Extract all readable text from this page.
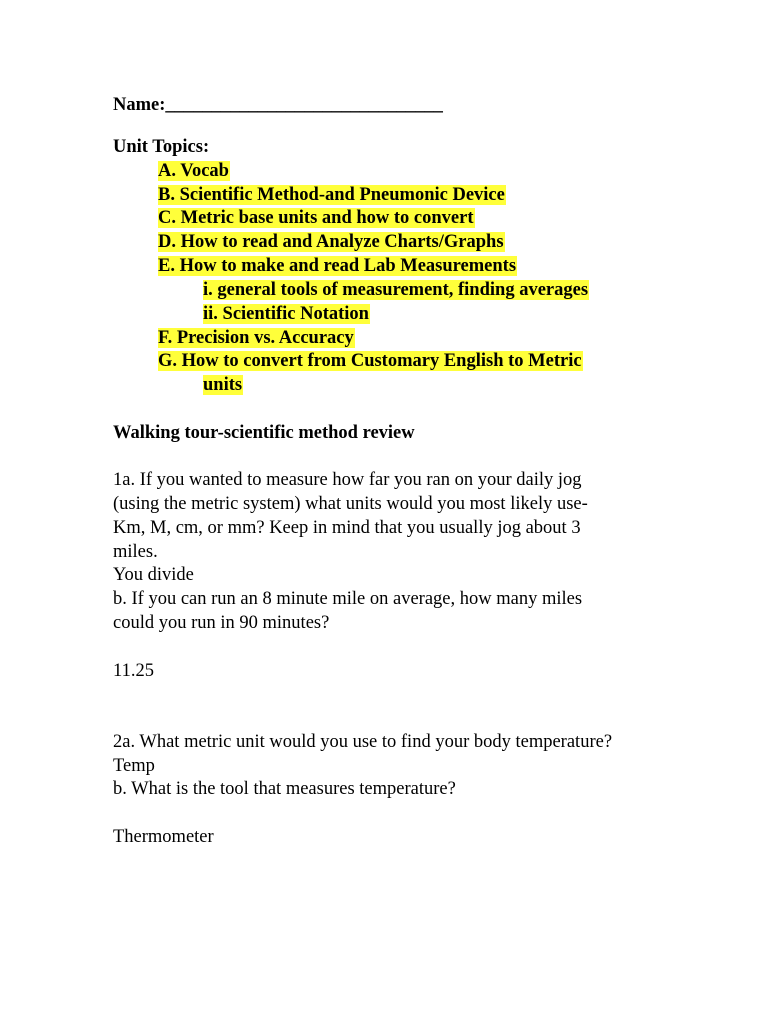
Name:______________________________
Unit Topics:
A. Vocab
B. Scientific Method-and Pneumonic Device
C. Metric base units and how to convert
D. How to read and Analyze Charts/Graphs
E. How to make and read Lab Measurements
i. general tools of measurement, finding averages
ii. Scientific Notation
F. Precision vs. Accuracy
G. How to convert from Customary English to Metric
units
Walking tour-scientific method review
1a. If you wanted to measure how far you ran on your daily jog
(using the metric system) what units would you most likely use-
Km, M, cm, or mm? Keep in mind that you usually jog about 3
miles.
You divide
b. If you can run an 8 minute mile on average, how many miles
could you run in 90 minutes?
11.25
2a. What metric unit would you use to find your body temperature?
Temp
b. What is the tool that measures temperature?
Thermometer
